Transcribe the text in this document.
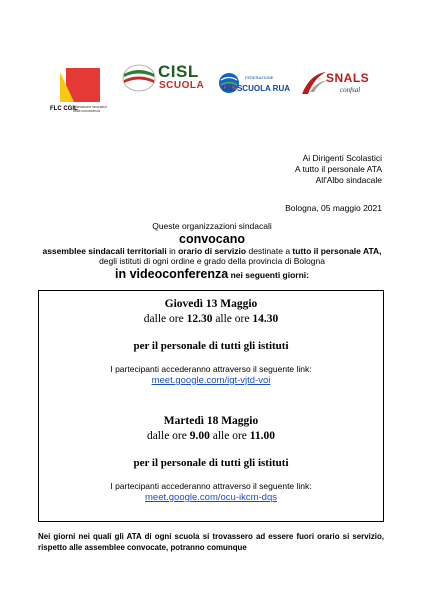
FLC CGIL
federazione lavoratori della conoscenza
CISL
SCUOLA
FEDERAZIONE
UIL SCUOLA RUA
SNALS
confsal
Ai Dirigenti Scolastici
A tutto il personale ATA
All'Albo sindacale
Bologna, 05 maggio 2021
Queste organizzazioni sindacali
convocano
assemblee sindacali territoriali in orario di servizio destinate a tutto il personale ATA, degli istituti di ogni ordine e grado della provincia di Bologna
in videoconferenza nei seguenti giorni:
Giovedì 13 Maggio
dalle ore 12.30 alle ore 14.30
per il personale di tutti gli istituti
I partecipanti accederanno attraverso il seguente link:
meet.google.com/igt-vjtd-voi
Martedì 18 Maggio
dalle ore 9.00 alle ore 11.00
per il personale di tutti gli istituti
I partecipanti accederanno attraverso il seguente link:
meet.google.com/ocu-ikcm-dqs
Nei giorni nei quali gli ATA di ogni scuola si trovassero ad essere fuori orario si servizio, rispetto alle assemblee convocate, potranno comunque
